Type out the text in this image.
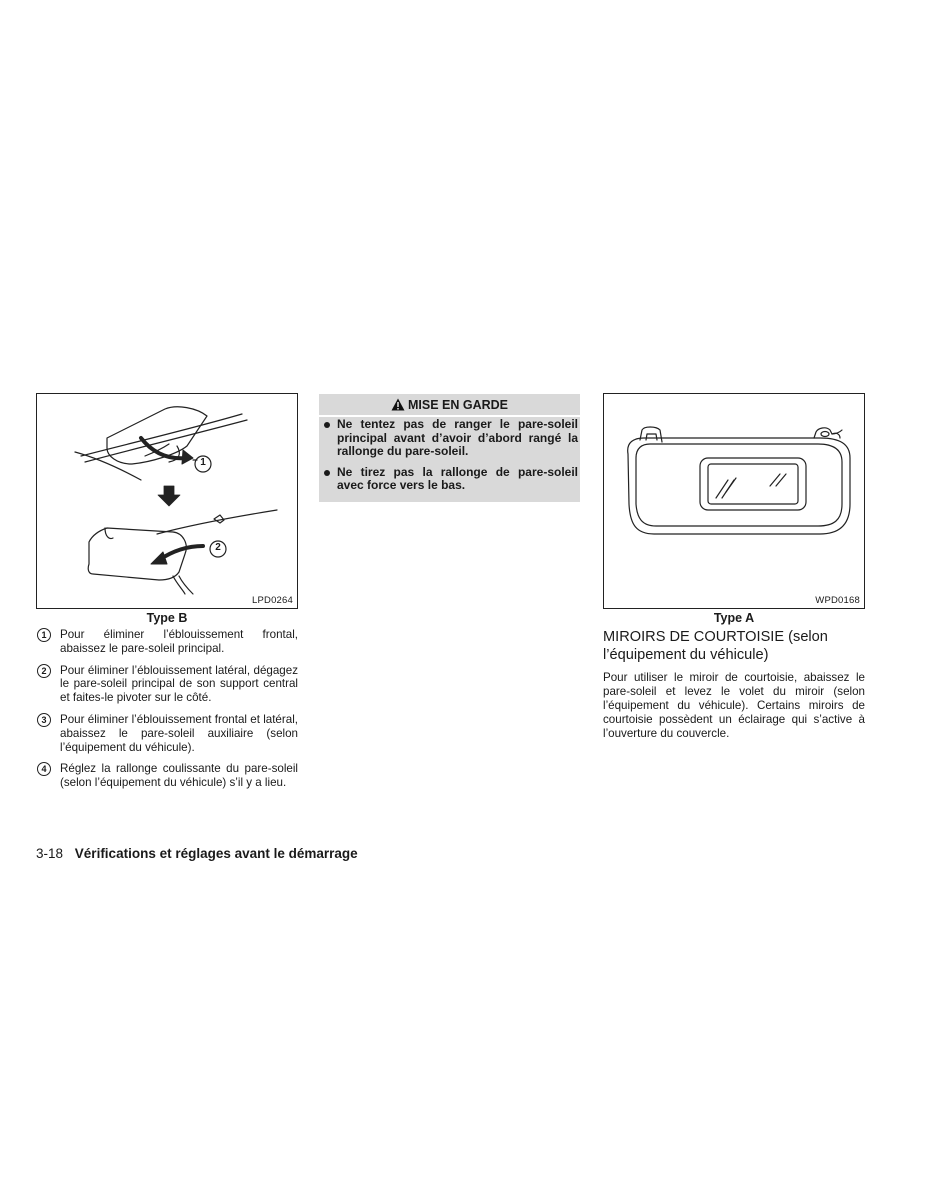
1
2
LPD0264
Type B
1	Pour éliminer l’éblouissement frontal, abaissez le pare-soleil principal.
2	Pour éliminer l’éblouissement latéral, dégagez le pare-soleil principal de son support central et faites-le pivoter sur le côté.
3	Pour éliminer l’éblouissement frontal et latéral, abaissez le pare-soleil auxiliaire (selon l’équipement du véhicule).
4	Réglez la rallonge coulissante du pare-soleil (selon l’équipement du véhicule) s’il y a lieu.
MISE EN GARDE
Ne tentez pas de ranger le pare-soleil principal avant d’avoir d’abord rangé la rallonge du pare-soleil.
Ne tirez pas la rallonge de pare-soleil avec force vers le bas.
WPD0168
Type A
MIROIRS DE COURTOISIE (selon l’équipement du véhicule)

Pour utiliser le miroir de courtoisie, abaissez le pare-soleil et levez le volet du miroir (selon l’équipement du véhicule). Certains miroirs de courtoisie possèdent un éclairage qui s’active à l’ouverture du couvercle.

3-18 Vérifications et réglages avant le démarrage
